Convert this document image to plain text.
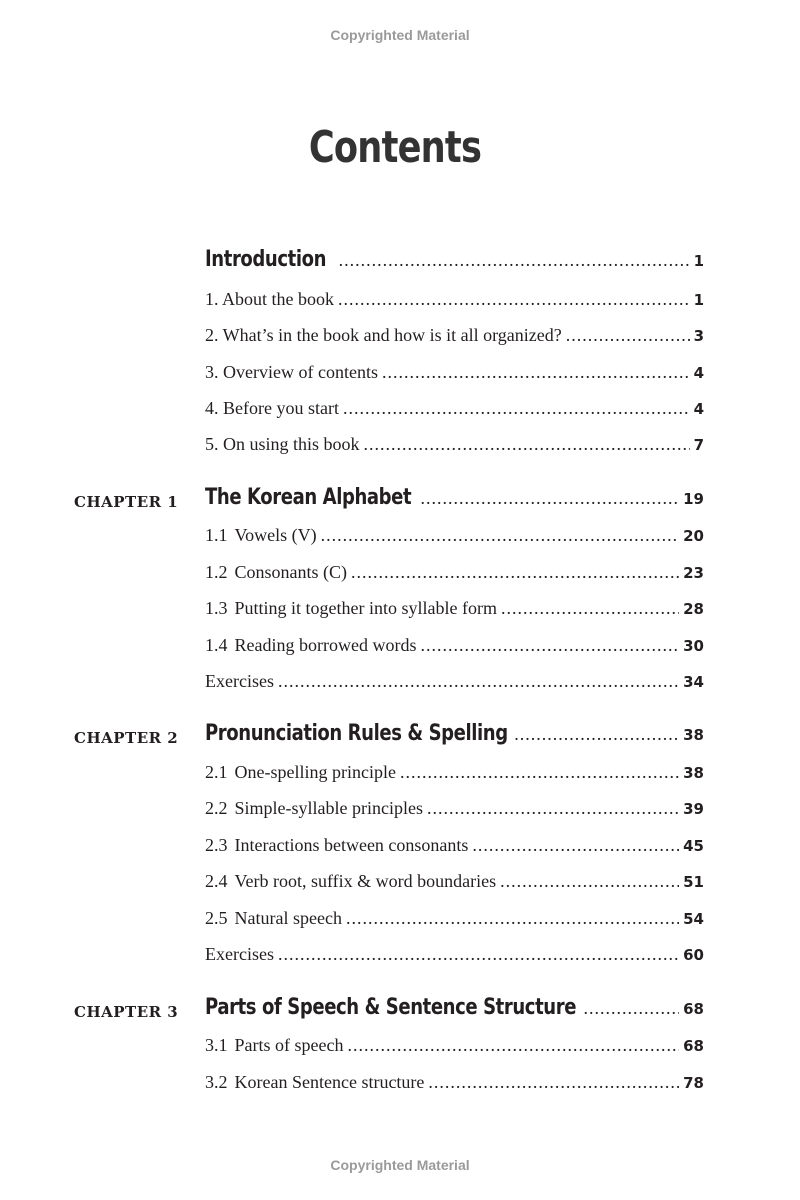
Copyrighted Material
Contents
Introduction .....	1
1. About the book .....	1
2. What’s in the book and how is it all organized? .....	3
3. Overview of contents .....	4
4. Before you start .....	4
5. On using this book .....	7
CHAPTER 1 The Korean Alphabet .....	19
1.1 Vowels (V) .....	20
1.2 Consonants (C) .....	23
1.3 Putting it together into syllable form .....	28
1.4 Reading borrowed words .....	30
Exercises .....	34
CHAPTER 2 Pronunciation Rules & Spelling .....	38
2.1 One-spelling principle .....	38
2.2 Simple-syllable principles .....	39
2.3 Interactions between consonants .....	45
2.4 Verb root, suffix & word boundaries .....	51
2.5 Natural speech .....	54
Exercises .....	60
CHAPTER 3 Parts of Speech & Sentence Structure .....	68
3.1 Parts of speech .....	68
3.2 Korean Sentence structure .....	78
Copyrighted Material
